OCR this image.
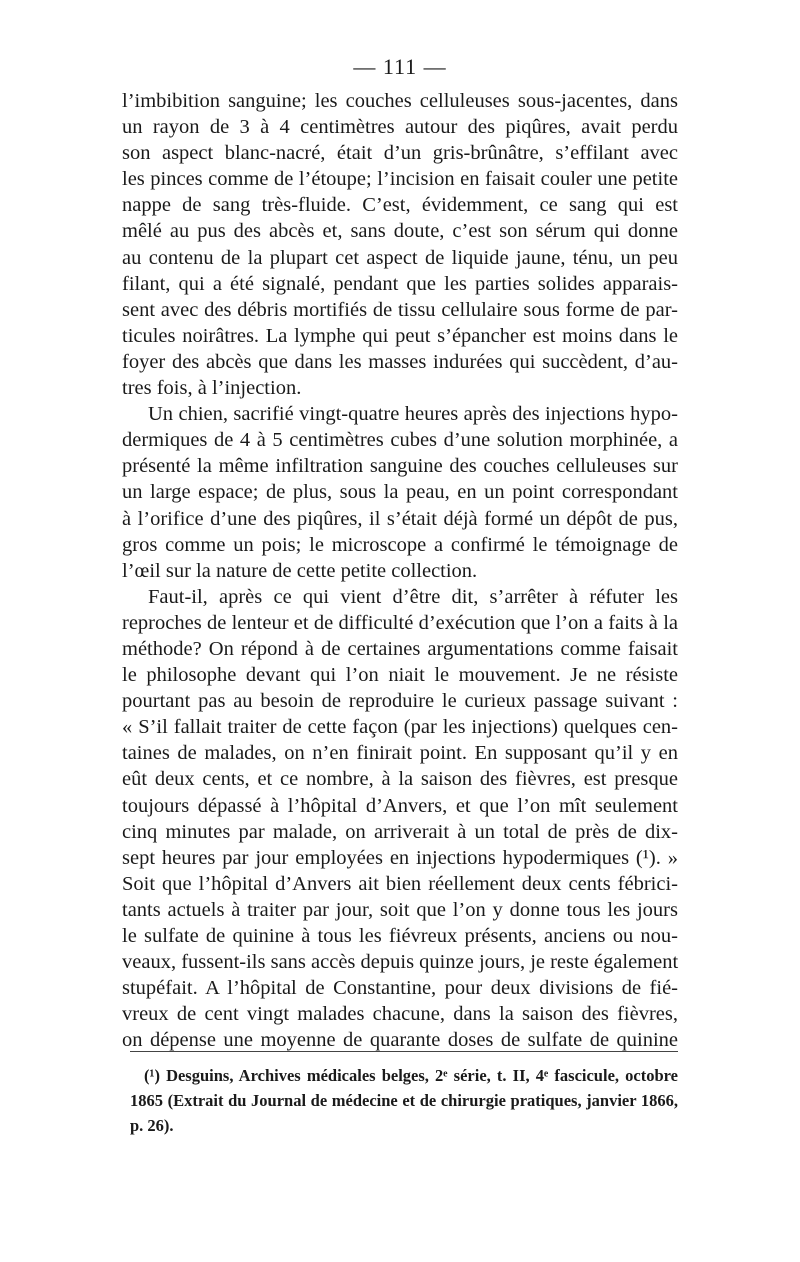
— 111 —
l’imbibition sanguine; les couches celluleuses sous-jacentes, dans
un rayon de 3 à 4 centimètres autour des piqûres, avait perdu
son aspect blanc-nacré, était d’un gris-brûnâtre, s’effilant avec
les pinces comme de l’étoupe; l’incision en faisait couler une petite
nappe de sang très-fluide. C’est, évidemment, ce sang qui est
mêlé au pus des abcès et, sans doute, c’est son sérum qui donne
au contenu de la plupart cet aspect de liquide jaune, ténu, un peu
filant, qui a été signalé, pendant que les parties solides apparais-
sent avec des débris mortifiés de tissu cellulaire sous forme de par-
ticules noirâtres. La lymphe qui peut s’épancher est moins dans le
foyer des abcès que dans les masses indurées qui succèdent, d’au-
tres fois, à l’injection.
Un chien, sacrifié vingt-quatre heures après des injections hypo-
dermiques de 4 à 5 centimètres cubes d’une solution morphinée, a
présenté la même infiltration sanguine des couches celluleuses sur
un large espace; de plus, sous la peau, en un point correspondant
à l’orifice d’une des piqûres, il s’était déjà formé un dépôt de pus,
gros comme un pois; le microscope a confirmé le témoignage de
l’œil sur la nature de cette petite collection.
Faut-il, après ce qui vient d’être dit, s’arrêter à réfuter les
reproches de lenteur et de difficulté d’exécution que l’on a faits à la
méthode? On répond à de certaines argumentations comme faisait
le philosophe devant qui l’on niait le mouvement. Je ne résiste
pourtant pas au besoin de reproduire le curieux passage suivant :
« S’il fallait traiter de cette façon (par les injections) quelques cen-
taines de malades, on n’en finirait point. En supposant qu’il y en
eût deux cents, et ce nombre, à la saison des fièvres, est presque
toujours dépassé à l’hôpital d’Anvers, et que l’on mît seulement
cinq minutes par malade, on arriverait à un total de près de dix-
sept heures par jour employées en injections hypodermiques (¹). »
Soit que l’hôpital d’Anvers ait bien réellement deux cents fébrici-
tants actuels à traiter par jour, soit que l’on y donne tous les jours
le sulfate de quinine à tous les fiévreux présents, anciens ou nou-
veaux, fussent-ils sans accès depuis quinze jours, je reste également
stupéfait. A l’hôpital de Constantine, pour deux divisions de fié-
vreux de cent vingt malades chacune, dans la saison des fièvres,
on dépense une moyenne de quarante doses de sulfate de quinine
(¹) Desguins, Archives médicales belges, 2ᵉ série, t. II, 4ᵉ fascicule, octobre
1865 (Extrait du Journal de médecine et de chirurgie pratiques, janvier 1866,
p. 26).
